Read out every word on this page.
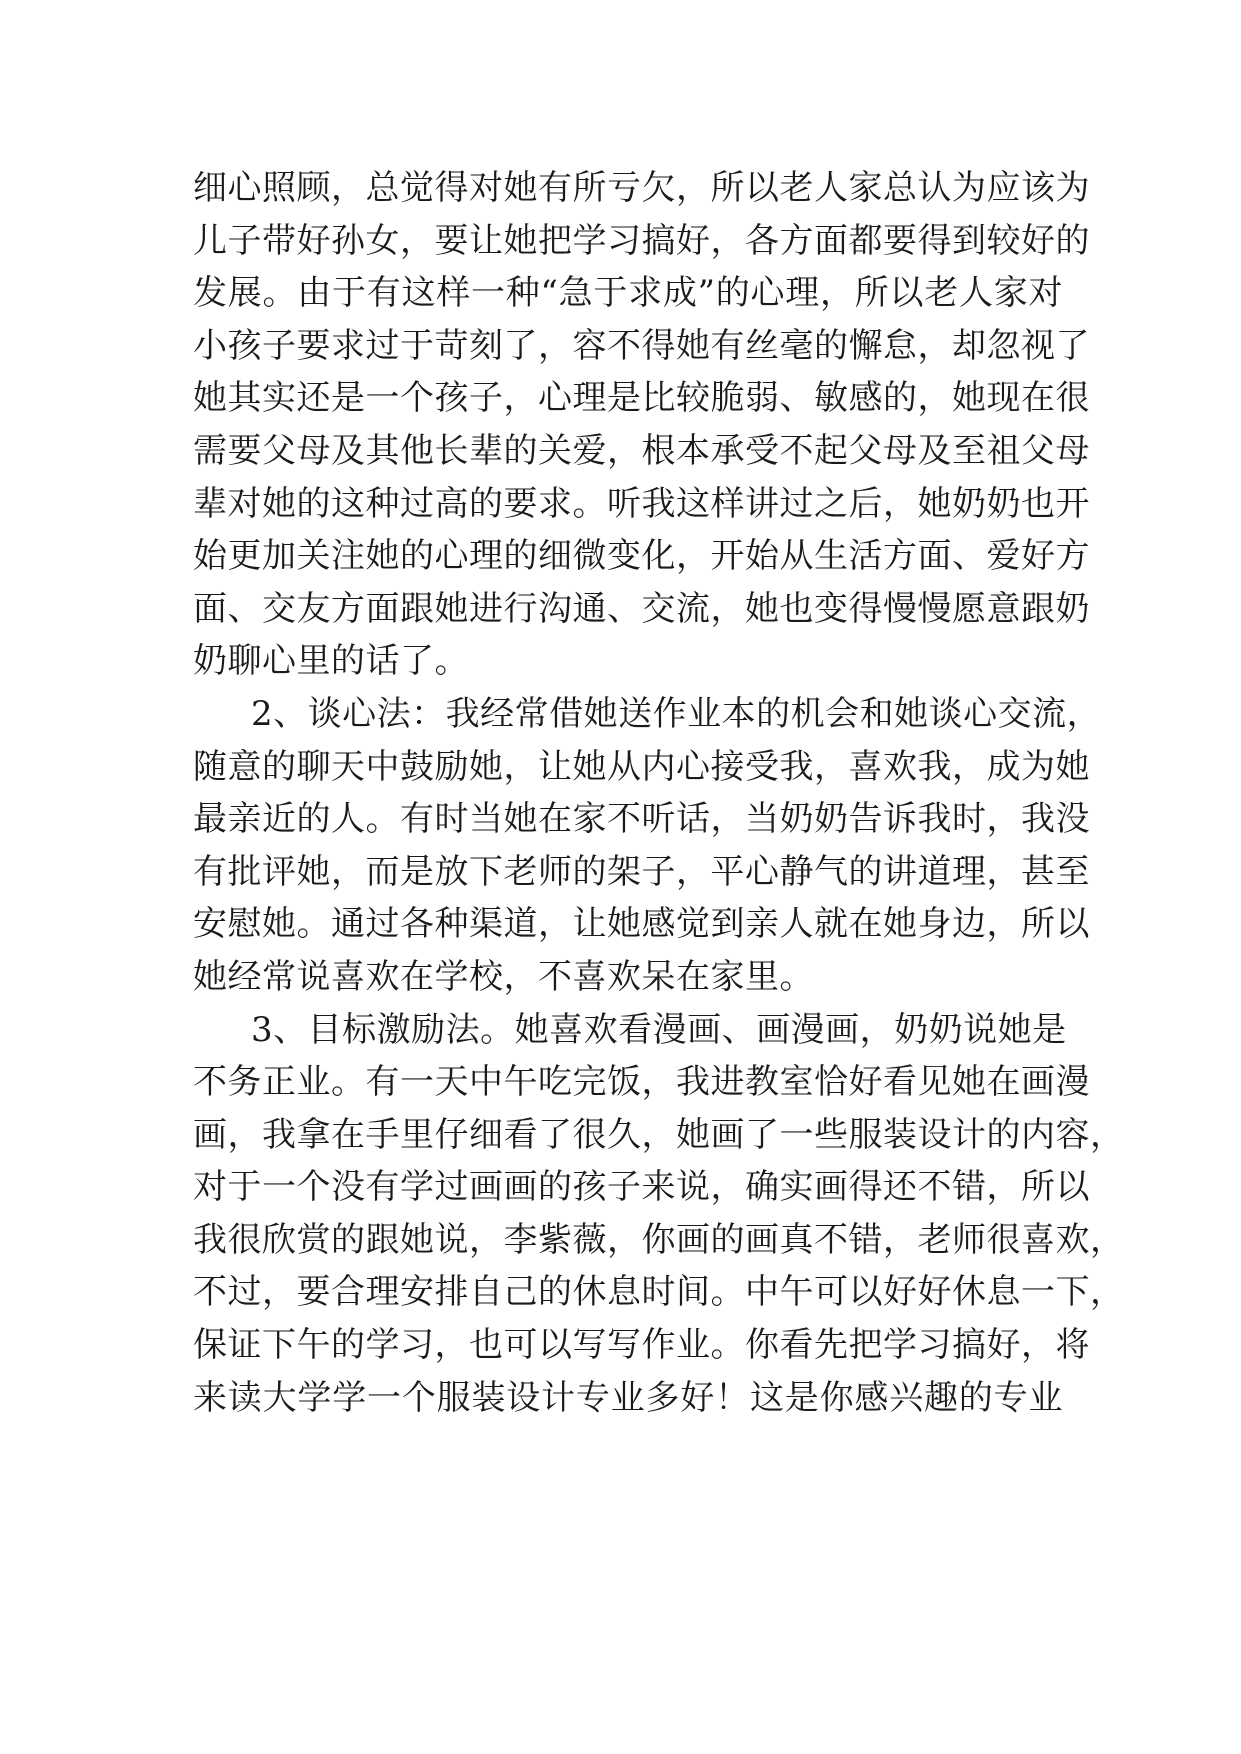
细心照顾，总觉得对她有所亏欠，所以老人家总认为应该为
儿子带好孙女，要让她把学习搞好，各方面都要得到较好的
发展。由于有这样一种“急于求成”的心理，所以老人家对
小孩子要求过于苛刻了，容不得她有丝毫的懈怠，却忽视了
她其实还是一个孩子，心理是比较脆弱、敏感的，她现在很
需要父母及其他长辈的关爱，根本承受不起父母及至祖父母
辈对她的这种过高的要求。听我这样讲过之后，她奶奶也开
始更加关注她的心理的细微变化，开始从生活方面、爱好方
面、交友方面跟她进行沟通、交流，她也变得慢慢愿意跟奶
奶聊心里的话了。
2、谈心法：我经常借她送作业本的机会和她谈心交流，
随意的聊天中鼓励她，让她从内心接受我，喜欢我，成为她
最亲近的人。有时当她在家不听话，当奶奶告诉我时，我没
有批评她，而是放下老师的架子，平心静气的讲道理，甚至
安慰她。通过各种渠道，让她感觉到亲人就在她身边，所以
她经常说喜欢在学校，不喜欢呆在家里。
3、目标激励法。她喜欢看漫画、画漫画，奶奶说她是
不务正业。有一天中午吃完饭，我进教室恰好看见她在画漫
画，我拿在手里仔细看了很久，她画了一些服装设计的内容，
对于一个没有学过画画的孩子来说，确实画得还不错，所以
我很欣赏的跟她说，李紫薇，你画的画真不错，老师很喜欢，
不过，要合理安排自己的休息时间。中午可以好好休息一下，
保证下午的学习，也可以写写作业。你看先把学习搞好，将
来读大学学一个服装设计专业多好！这是你感兴趣的专业
